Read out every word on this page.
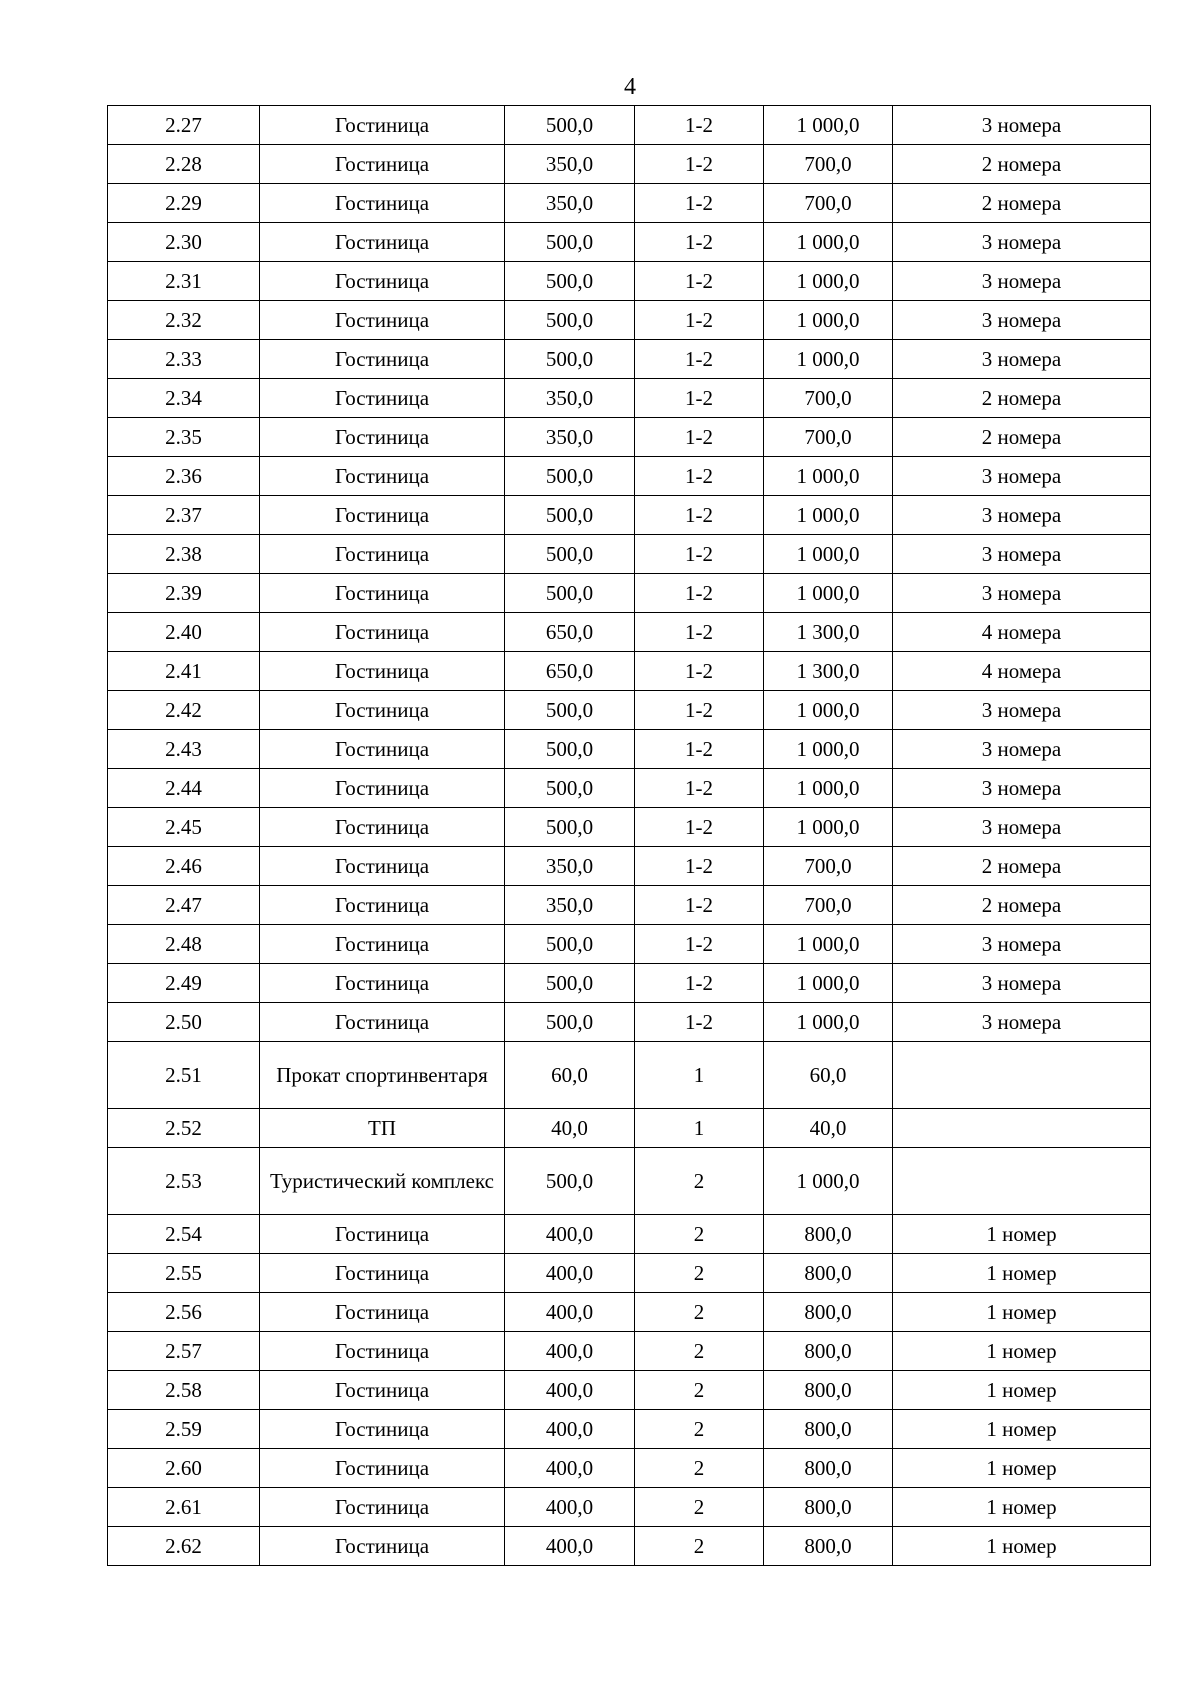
4
2.27	Гостиница	500,0	1-2	1 000,0	3 номера
2.28	Гостиница	350,0	1-2	700,0	2 номера
2.29	Гостиница	350,0	1-2	700,0	2 номера
2.30	Гостиница	500,0	1-2	1 000,0	3 номера
2.31	Гостиница	500,0	1-2	1 000,0	3 номера
2.32	Гостиница	500,0	1-2	1 000,0	3 номера
2.33	Гостиница	500,0	1-2	1 000,0	3 номера
2.34	Гостиница	350,0	1-2	700,0	2 номера
2.35	Гостиница	350,0	1-2	700,0	2 номера
2.36	Гостиница	500,0	1-2	1 000,0	3 номера
2.37	Гостиница	500,0	1-2	1 000,0	3 номера
2.38	Гостиница	500,0	1-2	1 000,0	3 номера
2.39	Гостиница	500,0	1-2	1 000,0	3 номера
2.40	Гостиница	650,0	1-2	1 300,0	4 номера
2.41	Гостиница	650,0	1-2	1 300,0	4 номера
2.42	Гостиница	500,0	1-2	1 000,0	3 номера
2.43	Гостиница	500,0	1-2	1 000,0	3 номера
2.44	Гостиница	500,0	1-2	1 000,0	3 номера
2.45	Гостиница	500,0	1-2	1 000,0	3 номера
2.46	Гостиница	350,0	1-2	700,0	2 номера
2.47	Гостиница	350,0	1-2	700,0	2 номера
2.48	Гостиница	500,0	1-2	1 000,0	3 номера
2.49	Гостиница	500,0	1-2	1 000,0	3 номера
2.50	Гостиница	500,0	1-2	1 000,0	3 номера
2.51	Прокат спортинвентаря	60,0	1	60,0	
2.52	ТП	40,0	1	40,0	
2.53	Туристический комплекс	500,0	2	1 000,0	
2.54	Гостиница	400,0	2	800,0	1 номер
2.55	Гостиница	400,0	2	800,0	1 номер
2.56	Гостиница	400,0	2	800,0	1 номер
2.57	Гостиница	400,0	2	800,0	1 номер
2.58	Гостиница	400,0	2	800,0	1 номер
2.59	Гостиница	400,0	2	800,0	1 номер
2.60	Гостиница	400,0	2	800,0	1 номер
2.61	Гостиница	400,0	2	800,0	1 номер
2.62	Гостиница	400,0	2	800,0	1 номер
